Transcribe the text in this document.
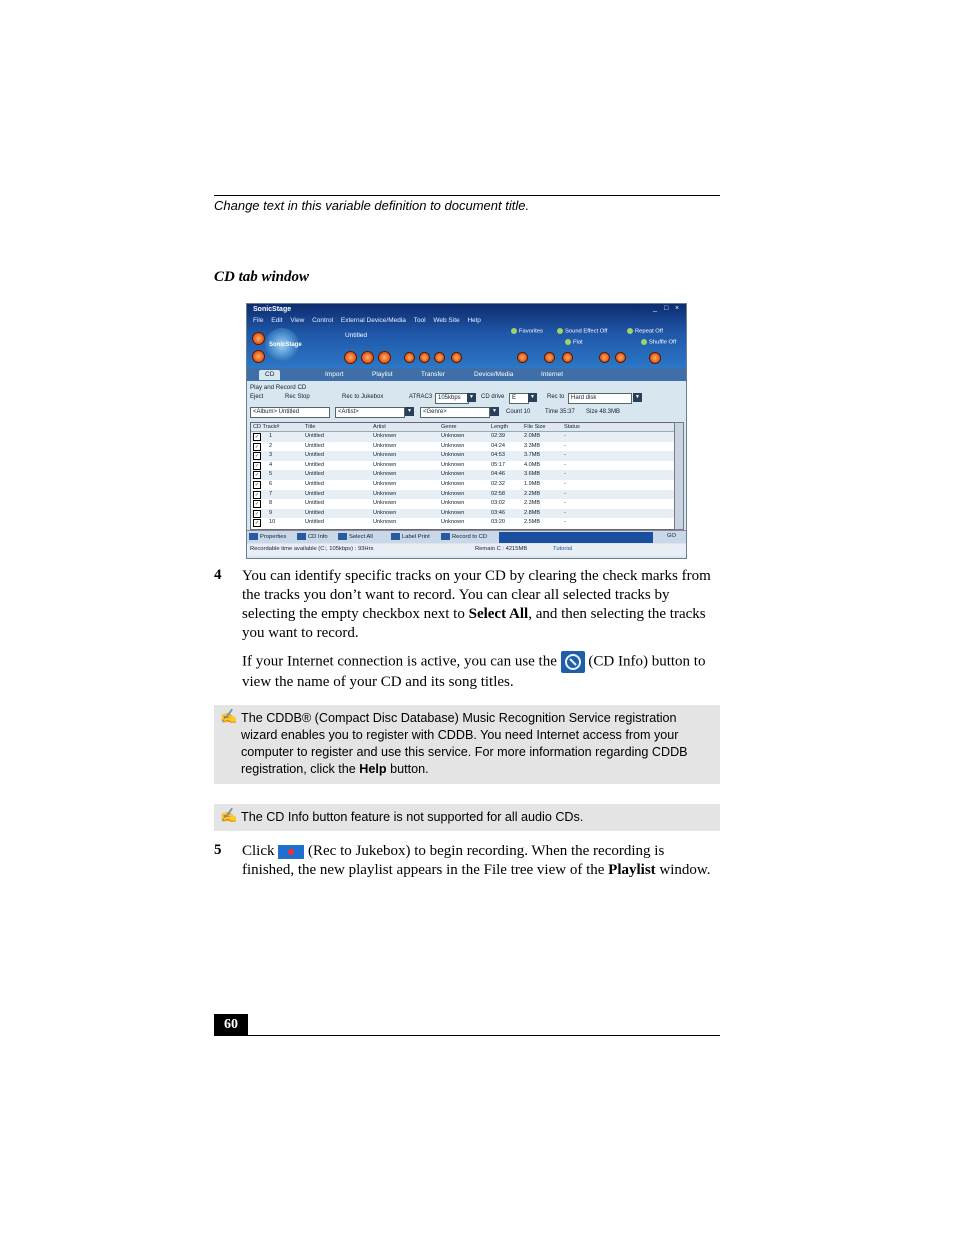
Change text in this variable definition to document title.
CD tab window
SonicStage	_ □ ×
File Edit View Control External Device/Media Tool Web Site Help
SonicStage
Untitled
Favorites	Sound Effect Off	Repeat Off
Flat	Shuffle Off
CD	Import	Playlist	Transfer	Device/Media	Internet
Play and Record CD
Eject	Rec Stop	Rec to Jukebox	ATRAC3 105kbps	▼	CD drive	E	▼	Rec to	Hard disk	▼
<Album> Untitled	<Artist>	▼	<Genre>	▼	Count 10 Time 35:37 Size 48.3MB
CD Track#	Title	Artist	Genre	Length	File Size	Status
✓	1	Untitled	Unknown	Unknown	02:39	2.0MB	-
✓	2	Untitled	Unknown	Unknown	04:24	3.3MB	-
✓	3	Untitled	Unknown	Unknown	04:53	3.7MB	-
✓	4	Untitled	Unknown	Unknown	05:17	4.0MB	-
✓	5	Untitled	Unknown	Unknown	04:46	3.6MB	-
✓	6	Untitled	Unknown	Unknown	02:32	1.9MB	-
✓	7	Untitled	Unknown	Unknown	02:58	2.2MB	-
✓	8	Untitled	Unknown	Unknown	03:02	2.3MB	-
✓	9	Untitled	Unknown	Unknown	03:46	2.8MB	-
✓	10	Untitled	Unknown	Unknown	03:20	2.5MB	-
Properties	CD Info	Select All	Label Print	Record to CD	GO
Recordable time available (C:, 105kbps) : 93Hrs	Remain C : 4215MB	Tutorial
4 You can identify specific tracks on your CD by clearing the check marks from the tracks you don’t want to record. You can clear all selected tracks by selecting the empty checkbox next to Select All, and then selecting the tracks you want to record.
If your Internet connection is active, you can use the (CD Info) button to view the name of your CD and its song titles.
✍ The CDDB® (Compact Disc Database) Music Recognition Service registration wizard enables you to register with CDDB. You need Internet access from your computer to register and use this service. For more information regarding CDDB registration, click the Help button.
✍ The CD Info button feature is not supported for all audio CDs.
5 Click (Rec to Jukebox) to begin recording. When the recording is finished, the new playlist appears in the File tree view of the Playlist window.
60
